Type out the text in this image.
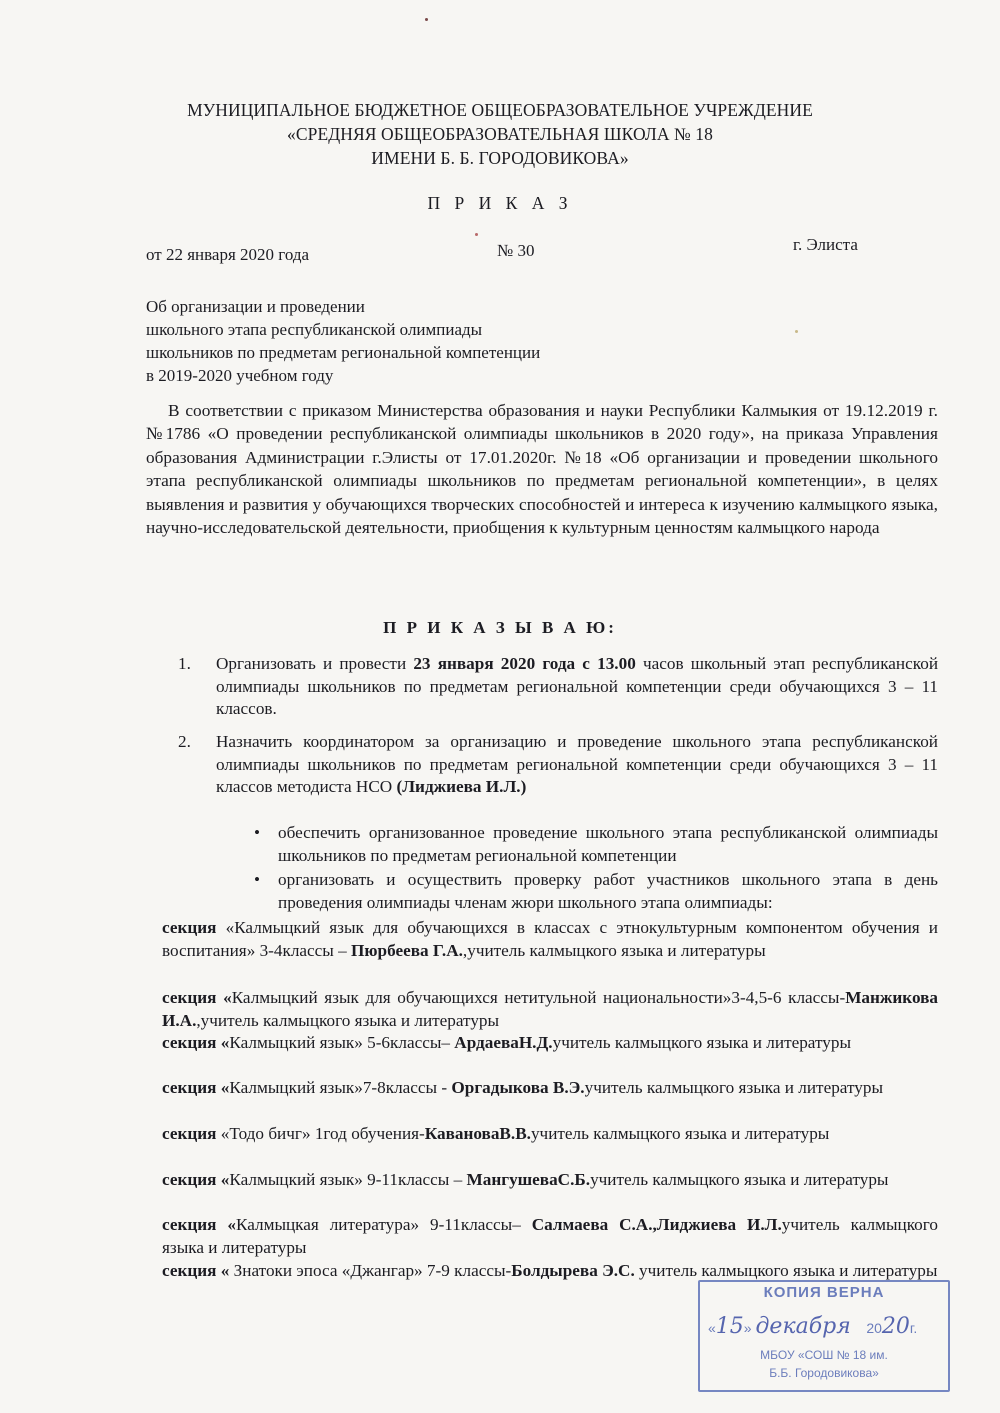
МУНИЦИПАЛЬНОЕ БЮДЖЕТНОЕ ОБЩЕОБРАЗОВАТЕЛЬНОЕ УЧРЕЖДЕНИЕ
«СРЕДНЯЯ ОБЩЕОБРАЗОВАТЕЛЬНАЯ ШКОЛА № 18
ИМЕНИ Б. Б. ГОРОДОВИКОВА»
П Р И К А З
от 22 января 2020 года	№ 30	г. Элиста
Об организации и проведении
школьного этапа республиканской олимпиады
школьников по предметам региональной компетенции
в 2019-2020 учебном году
В соответствии с приказом Министерства образования и науки Республики Калмыкия от 19.12.2019 г. №1786 «О проведении республиканской олимпиады школьников в 2020 году», на приказа Управления образования Администрации г.Элисты от 17.01.2020г. №18 «Об организации и проведении школьного этапа республиканской олимпиады школьников по предметам региональной компетенции», в целях выявления и развития у обучающихся творческих способностей и интереса к изучению калмыцкого языка, научно-исследовательской деятельности, приобщения к культурным ценностям калмыцкого народа
П Р И К А З Ы В А Ю:
1.	Организовать и провести 23 января 2020 года с 13.00 часов школьный этап республиканской олимпиады школьников по предметам региональной компетенции среди обучающихся 3 – 11 классов.
2.	Назначить координатором за организацию и проведение школьного этапа республиканской олимпиады школьников по предметам региональной компетенции среди обучающихся 3 – 11 классов методиста НСО (Лиджиева И.Л.)
• обеспечить организованное проведение школьного этапа республиканской олимпиады школьников по предметам региональной компетенции
• организовать и осуществить проверку работ участников школьного этапа в день проведения олимпиады членам жюри школьного этапа олимпиады:
секция «Калмыцкий язык для обучающихся в классах с этнокультурным компонентом обучения и воспитания» 3-4классы – Пюрбеева Г.А.,учитель калмыцкого языка и литературы
секция «Калмыцкий язык для обучающихся нетитульной национальности»3-4,5-6 классы-Манжикова И.А.,учитель калмыцкого языка и литературы
секция «Калмыцкий язык» 5-6классы– АрдаеваН.Д.учитель калмыцкого языка и литературы
секция «Калмыцкий язык»7-8классы - Оргадыкова В.Э.учитель калмыцкого языка и литературы
секция «Тодо бичг» 1год обучения-КавановаВ.В.учитель калмыцкого языка и литературы
секция «Калмыцкий язык» 9-11классы – МангушеваС.Б.учитель калмыцкого языка и литературы
секция «Калмыцкая литература» 9-11классы– Салмаева С.А.,Лиджиева И.Л.учитель калмыцкого языка и литературы
секция « Знатоки эпоса «Джангар» 7-9 классы-Болдырева Э.С. учитель калмыцкого языка и литературы
КОПИЯ ВЕРНА
«15» декабря 2020г.
МБОУ «СОШ № 18 им.
Б.Б. Городовикова»
